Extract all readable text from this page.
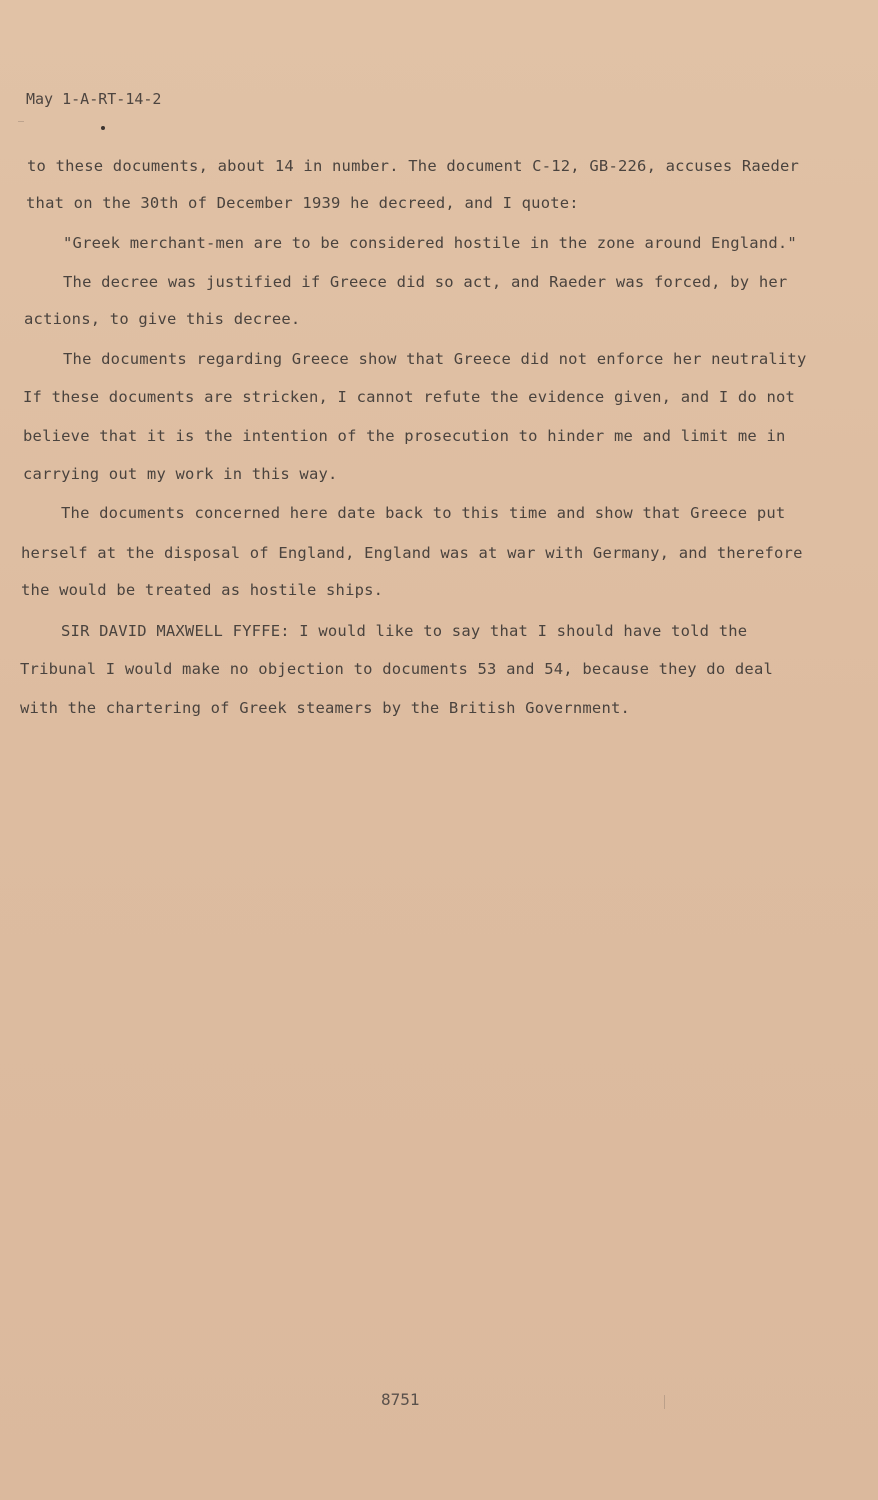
May 1-A-RT-14-2
to these documents, about 14 in number. The document C-12, GB-226, accuses Raeder
that on the 30th of December 1939 he decreed, and I quote:
"Greek merchant-men are to be considered hostile in the zone around England."
The decree was justified if Greece did so act, and Raeder was forced, by her
actions, to give this decree.
The documents regarding Greece show that Greece did not enforce her neutrality
If these documents are stricken, I cannot refute the evidence given, and I do not
believe that it is the intention of the prosecution to hinder me and limit me in
carrying out my work in this way.
The documents concerned here date back to this time and show that Greece put
herself at the disposal of England, England was at war with Germany, and therefore
the would be treated as hostile ships.
SIR DAVID MAXWELL FYFFE: I would like to say that I should have told the
Tribunal I would make no objection to documents 53 and 54, because they do deal
with the chartering of Greek steamers by the British Government.
8751
